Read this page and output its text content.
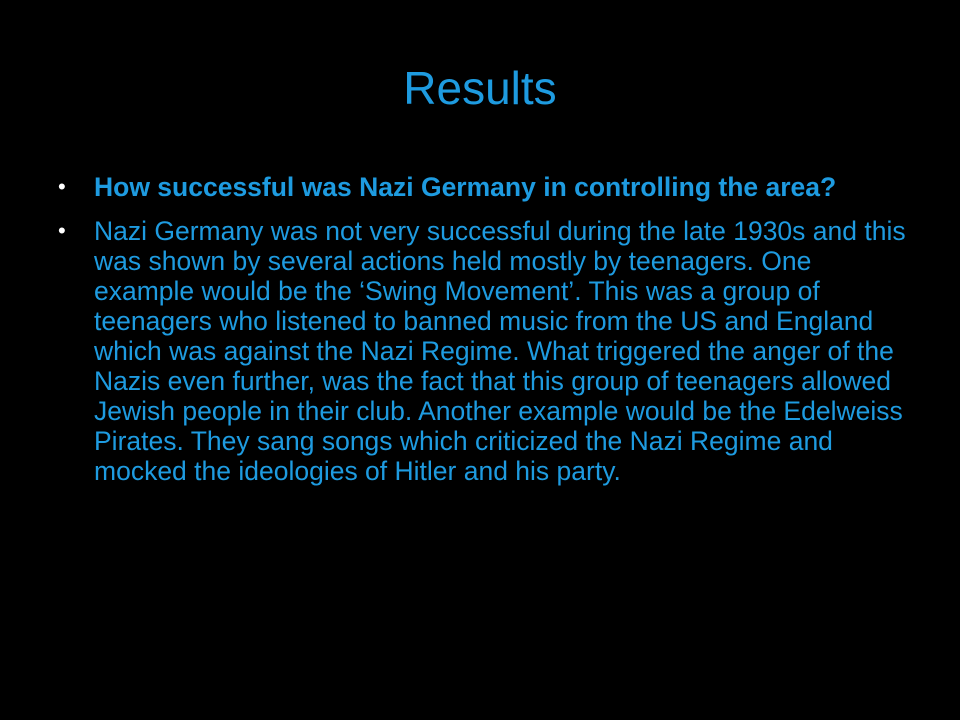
Results
• How successful was Nazi Germany in controlling the area?
• Nazi Germany was not very successful during the late 1930s and this was shown by several actions held mostly by teenagers. One example would be the ‘Swing Movement’. This was a group of teenagers who listened to banned music from the US and England which was against the Nazi Regime. What triggered the anger of the Nazis even further, was the fact that this group of teenagers allowed Jewish people in their club. Another example would be the Edelweiss Pirates. They sang songs which criticized the Nazi Regime and mocked the ideologies of Hitler and his party.
